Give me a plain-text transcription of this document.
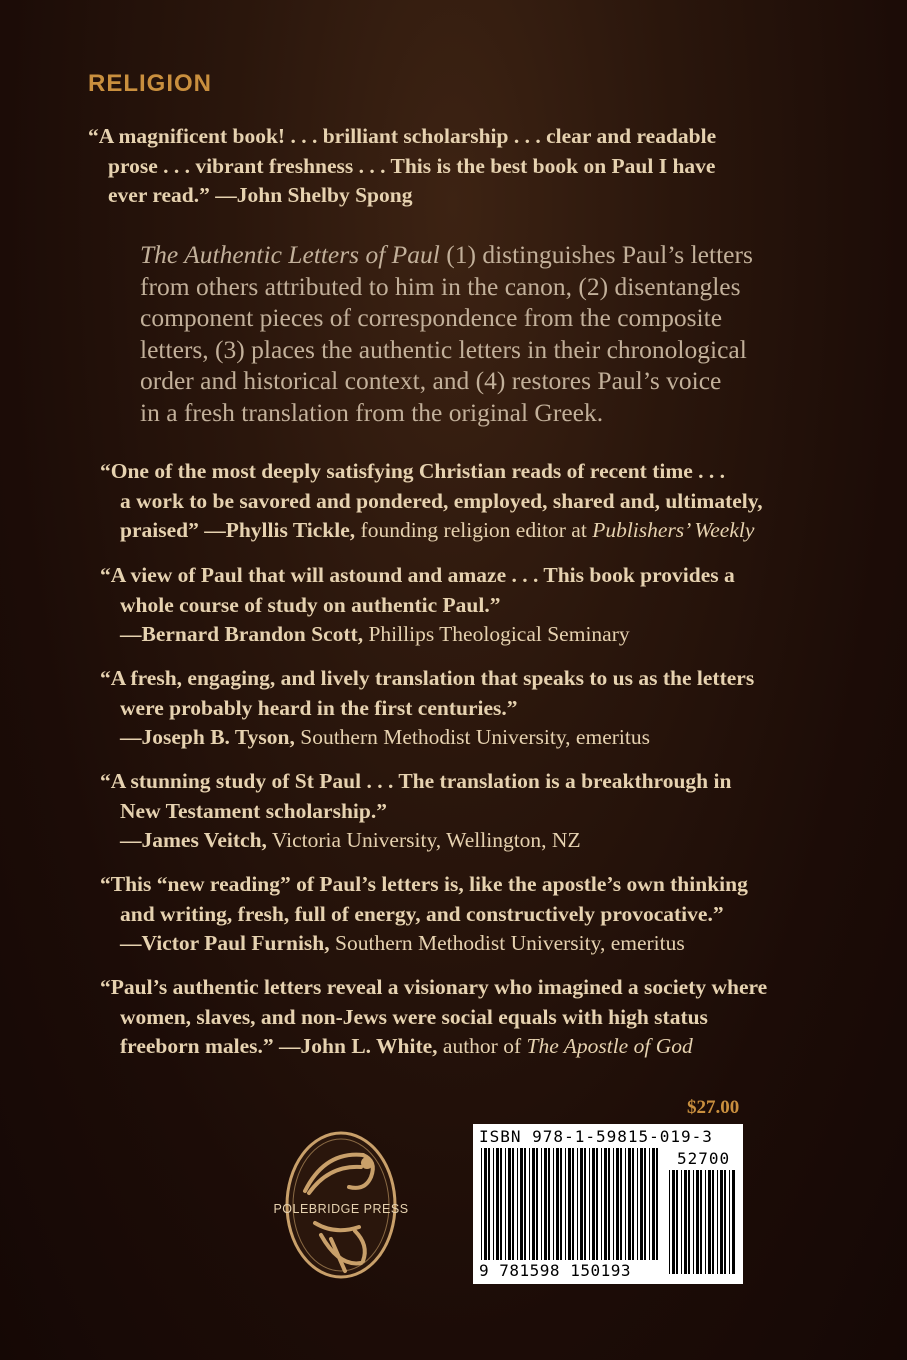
RELIGION

“A magnificent book! . . . brilliant scholarship . . . clear and readable
prose . . . vibrant freshness . . . This is the best book on Paul I have
ever read.” —John Shelby Spong

The Authentic Letters of Paul (1) distinguishes Paul’s letters
from others attributed to him in the canon, (2) disentangles
component pieces of correspondence from the composite
letters, (3) places the authentic letters in their chronological
order and historical context, and (4) restores Paul’s voice
in a fresh translation from the original Greek.

“One of the most deeply satisfying Christian reads of recent time . . .
a work to be savored and pondered, employed, shared and, ultimately,
praised” —Phyllis Tickle, founding religion editor at Publishers’ Weekly

“A view of Paul that will astound and amaze . . . This book provides a
whole course of study on authentic Paul.”
—Bernard Brandon Scott, Phillips Theological Seminary

“A fresh, engaging, and lively translation that speaks to us as the letters
were probably heard in the first centuries.”
—Joseph B. Tyson, Southern Methodist University, emeritus

“A stunning study of St Paul . . . The translation is a breakthrough in
New Testament scholarship.”
—James Veitch, Victoria University, Wellington, NZ

“This “new reading” of Paul’s letters is, like the apostle’s own thinking
and writing, fresh, full of energy, and constructively provocative.”
—Victor Paul Furnish, Southern Methodist University, emeritus

“Paul’s authentic letters reveal a visionary who imagined a society where
women, slaves, and non-Jews were social equals with high status
freeborn males.” —John L. White, author of The Apostle of God

POLEBRIDGE PRESS
$27.00
ISBN 978-1-59815-019-3
52700
9 781598 150193
